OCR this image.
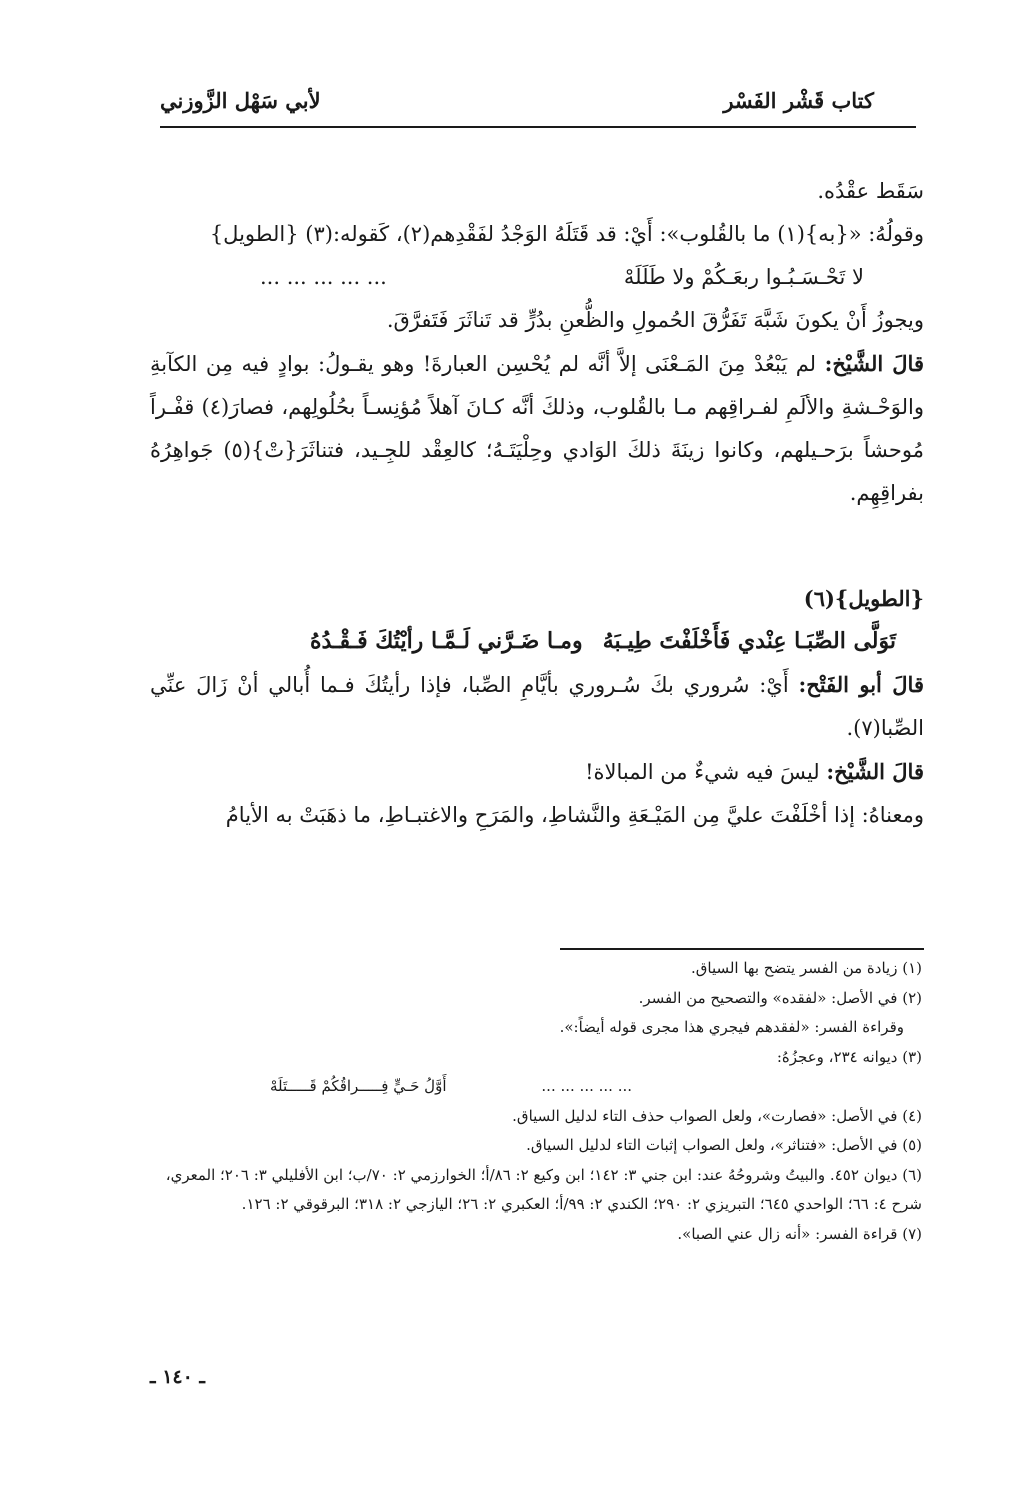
كتاب قَشْر الفَسْر
لأبي سَهْل الزَّوزني

سَقَط عقْدُه.

وقولُهُ: «{به}(١) ما بالقُلوب»: أَيْ: قد قَتَلَهُ الوَجْدُ لفَقْدِهم(٢)، كَقوله:(٣) {الطويل}

لا تَحْـسَـبُـوا ربعَـكُمْ ولا طَلَلَهْ
... ... ... ... ...

ويجوزُ أَنْ يكونَ شَبَّهَ تَفَرُّقَ الحُمولِ والظُّعنِ بدُرٍّ قد تَناثَرَ فَتَفرَّقَ.

قالَ الشَّيْخ: لم يَبْعُدْ مِنَ المَـعْنَى إلاَّ أنَّه لم يُحْسِن العبارةَ! وهو يقـولُ: بوادٍ فيه مِن الكآبةِ والوَحْـشةِ والألَمِ لفـراقِهم مـا بالقُلوب، وذلكَ أنَّه كـانَ آهلاً مُؤنِسـاً بحُلُولِهم، فصارَ(٤) قفْـراً مُوحشاً برَحـيلهم، وكانوا زينَةَ ذلكَ الوَادي وحِلْيَتَـهُ؛ كالعِقْد للجِـيد، فتناثَرَ{تْ}(٥) جَواهِرُهُ بفراقِهِم.

{الطويل}(٦)

تَوَلَّى الصِّبَـا عِنْدي فَأَخْلَفْتَ طِيـبَهُ
ومـا ضَـرَّني لَـمَّـا رأيْتُكَ فَـقْـدُهُ

قالَ أبو الفَتْح: أَيْ: سُروري بكَ سُـروري بأيَّامِ الصِّبا، فإذا رأيتُكَ فـما أُبالي أنْ زَالَ عنِّي الصِّبا(٧).

قالَ الشَّيْخ: ليسَ فيه شيءٌ من المبالاة!

ومعناهُ: إذا أخْلَفْتَ عليَّ مِن المَيْـعَةِ والنَّشاطِ، والمَرَحِ والاغتبـاطِ، ما ذهَبَتْ به الأيامُ

(١) زيادة من الفسر يتضح بها السياق.

(٢) في الأصل: «لفقده» والتصحيح من الفسر.

وقراءة الفسر: «لفقدهم فيجري هذا مجرى قوله أيضاً:».

(٣) ديوانه ٢٣٤، وعجزُهُ:

... ... ... ... ...
أَوَّلُ حَـيٍّ فِـــــراقُكُمْ قَـــــتَلَهْ

(٤) في الأصل: «فصارت»، ولعل الصواب حذف التاء لدليل السياق.

(٥) في الأصل: «فتناثر»، ولعل الصواب إثبات التاء لدليل السياق.

(٦) ديوان ٤٥٢. والبيتُ وشروحُهُ عند: ابن جني ٣: ١٤٢؛ ابن وكيع ٢: ٨٦/أ؛ الخوارزمي ٢: ٧٠/ب؛ ابن الأفليلي ٣: ٢٠٦؛ المعري، شرح ٤: ٦٦؛ الواحدي ٦٤٥؛ التبريزي ٢: ٢٩٠؛ الكندي ٢: ٩٩/أ؛ العكبري ٢: ٢٦؛ اليازجي ٢: ٣١٨؛ البرقوقي ٢: ١٢٦.

(٧) قراءة الفسر: «أنه زال عني الصبا».

ـ ١٤٠ ـ
